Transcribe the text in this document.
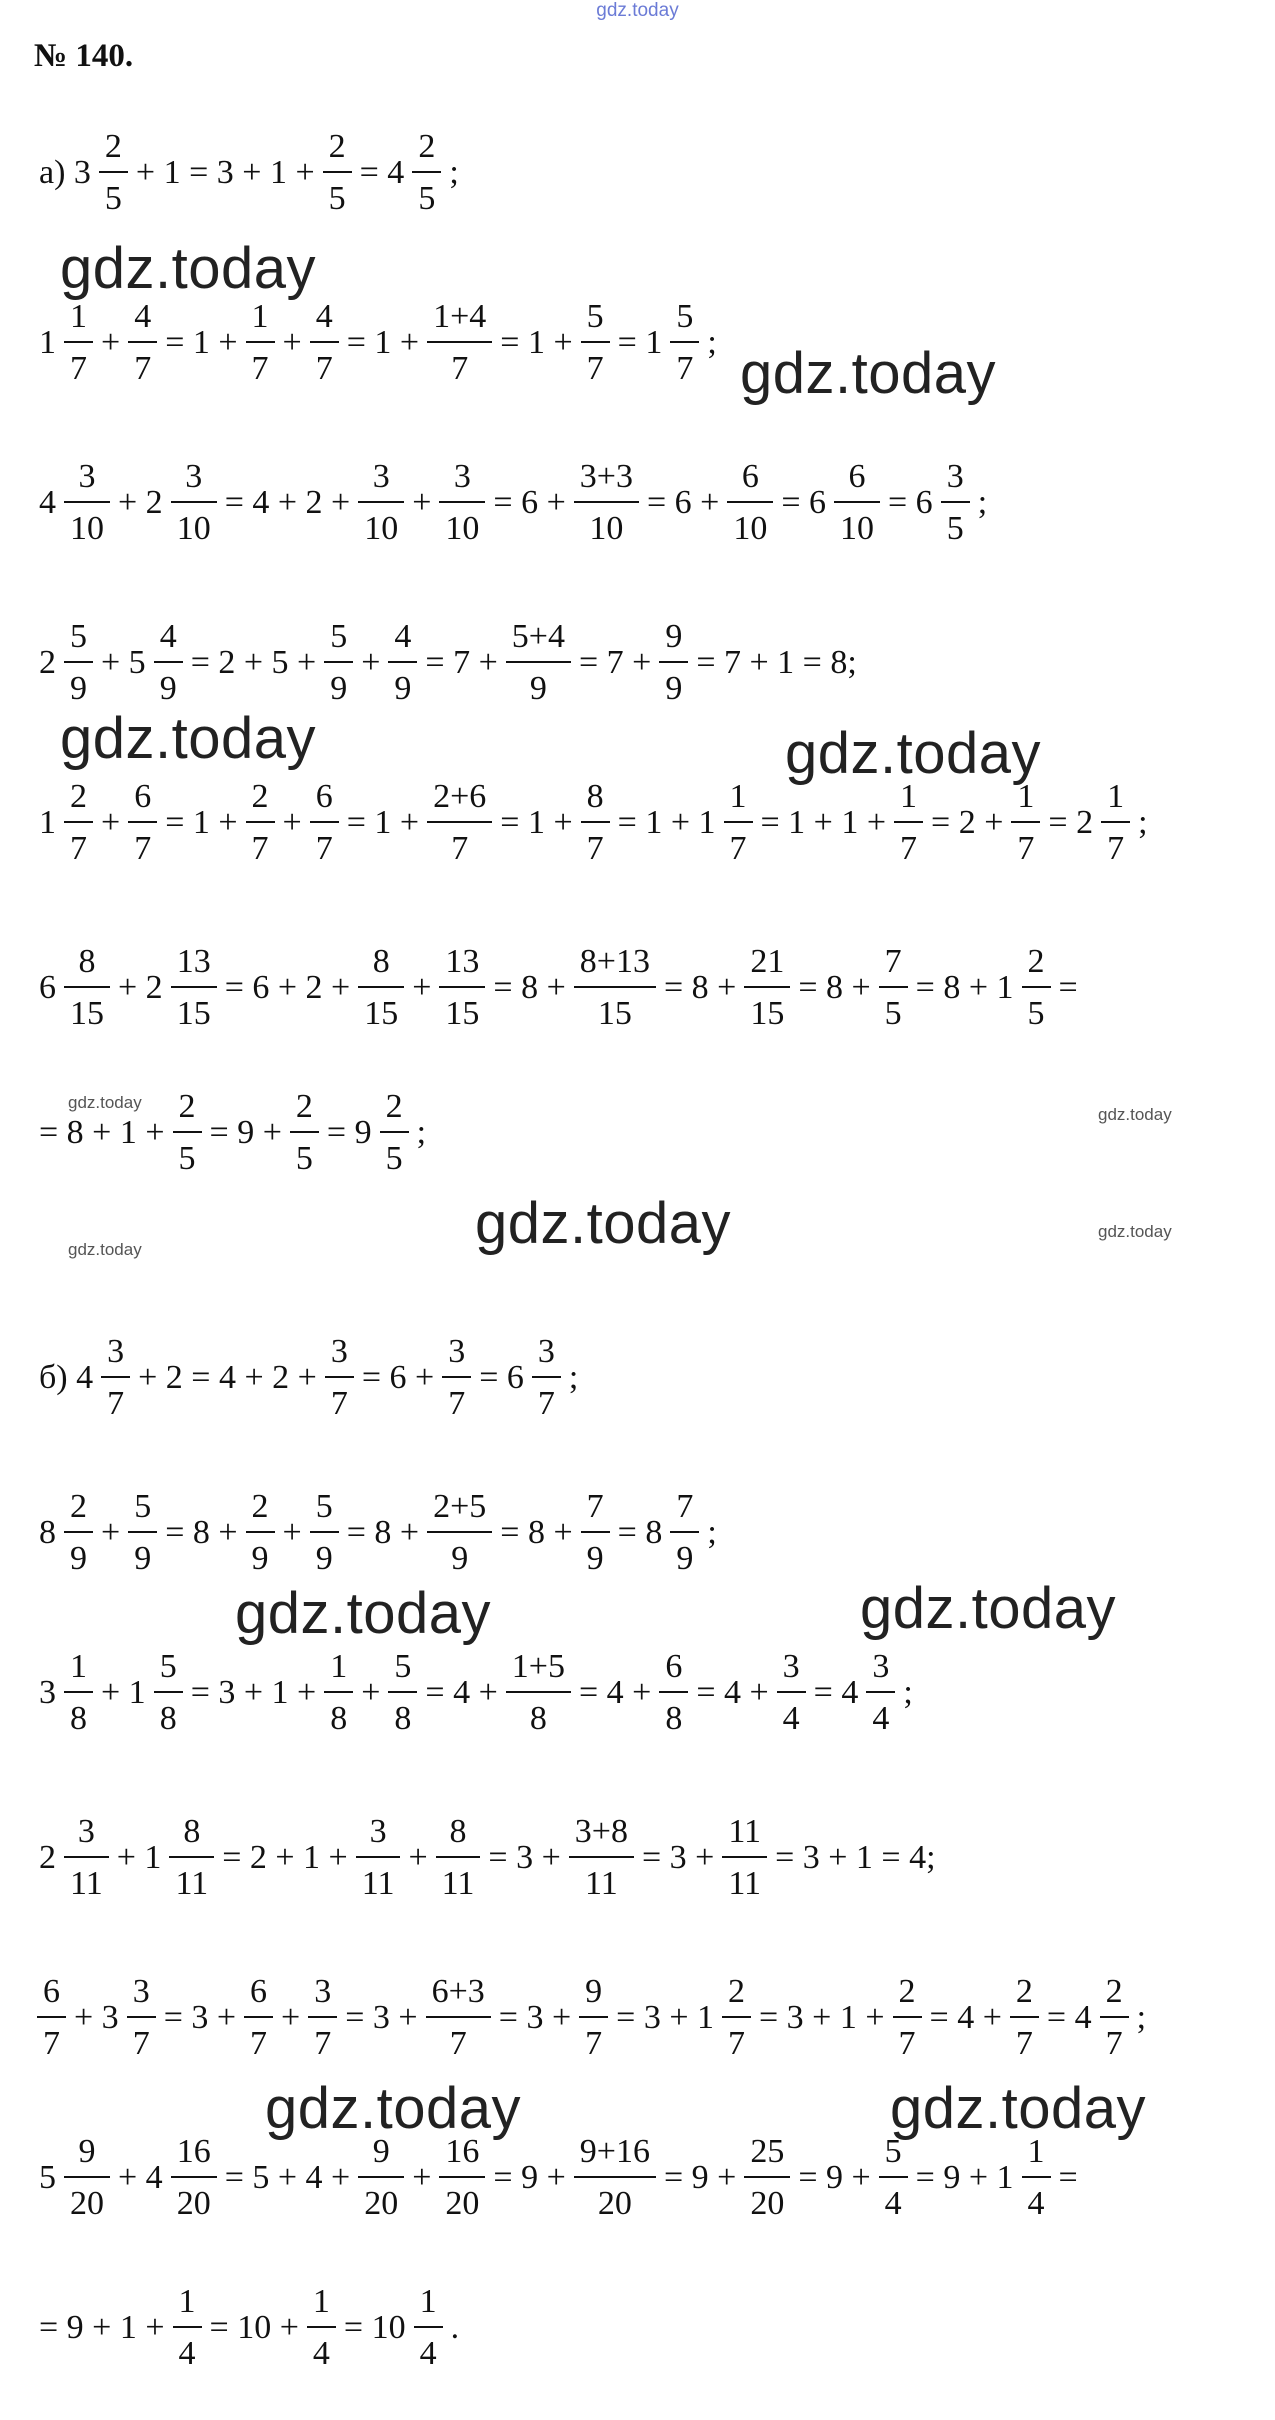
gdz.today
№ 140.
а) $3 \frac{2}{5} + 1 = 3 + 1 + \frac{2}{5} = 4 \frac{2}{5}$ ;
$1 \frac{1}{7} + \frac{4}{7} = 1 + \frac{1}{7} + \frac{4}{7} = 1 + \frac{1+4}{7} = 1 + \frac{5}{7} = 1 \frac{5}{7}$ ;
$4 \frac{3}{10} + 2 \frac{3}{10} = 4 + 2 + \frac{3}{10} + \frac{3}{10} = 6 + \frac{3+3}{10} = 6 + \frac{6}{10} = 6 \frac{6}{10} = 6 \frac{3}{5}$ ;
$2 \frac{5}{9} + 5 \frac{4}{9} = 2 + 5 + \frac{5}{9} + \frac{4}{9} = 7 + \frac{5+4}{9} = 7 + \frac{9}{9} = 7 + 1 = 8$;
$1 \frac{2}{7} + \frac{6}{7} = 1 + \frac{2}{7} + \frac{6}{7} = 1 + \frac{2+6}{7} = 1 + \frac{8}{7} = 1 + 1 \frac{1}{7} = 1 + 1 + \frac{1}{7} = 2 + \frac{1}{7} = 2 \frac{1}{7}$ ;
$6 \frac{8}{15} + 2 \frac{13}{15} = 6 + 2 + \frac{8}{15} + \frac{13}{15} = 8 + \frac{8+13}{15} = 8 + \frac{21}{15} = 8 + \frac{7}{5} = 8 + 1 \frac{2}{5}$ =
= $8 + 1 + \frac{2}{5} = 9 + \frac{2}{5} = 9 \frac{2}{5}$ ;
б) $4 \frac{3}{7} + 2 = 4 + 2 + \frac{3}{7} = 6 + \frac{3}{7} = 6 \frac{3}{7}$ ;
$8 \frac{2}{9} + \frac{5}{9} = 8 + \frac{2}{9} + \frac{5}{9} = 8 + \frac{2+5}{9} = 8 + \frac{7}{9} = 8 \frac{7}{9}$ ;
$3 \frac{1}{8} + 1 \frac{5}{8} = 3 + 1 + \frac{1}{8} + \frac{5}{8} = 4 + \frac{1+5}{8} = 4 + \frac{6}{8} = 4 + \frac{3}{4} = 4 \frac{3}{4}$ ;
$2 \frac{3}{11} + 1 \frac{8}{11} = 2 + 1 + \frac{3}{11} + \frac{8}{11} = 3 + \frac{3+8}{11} = 3 + \frac{11}{11} = 3 + 1 = 4$;
$\frac{6}{7} + 3 \frac{3}{7} = 3 + \frac{6}{7} + \frac{3}{7} = 3 + \frac{6+3}{7} = 3 + \frac{9}{7} = 3 + 1 \frac{2}{7} = 3 + 1 + \frac{2}{7} = 4 + \frac{2}{7} = 4 \frac{2}{7}$ ;
$5 \frac{9}{20} + 4 \frac{16}{20} = 5 + 4 + \frac{9}{20} + \frac{16}{20} = 9 + \frac{9+16}{20} = 9 + \frac{25}{20} = 9 + \frac{5}{4} = 9 + 1 \frac{1}{4}$ =
= $9 + 1 + \frac{1}{4} = 10 + \frac{1}{4} = 10 \frac{1}{4}$ .
gdz.today
gdz.today
gdz.today	gdz.today
gdz.today
gdz.today
gdz.today
gdz.today
gdz.today
gdz.today	gdz.today
gdz.today	gdz.today
